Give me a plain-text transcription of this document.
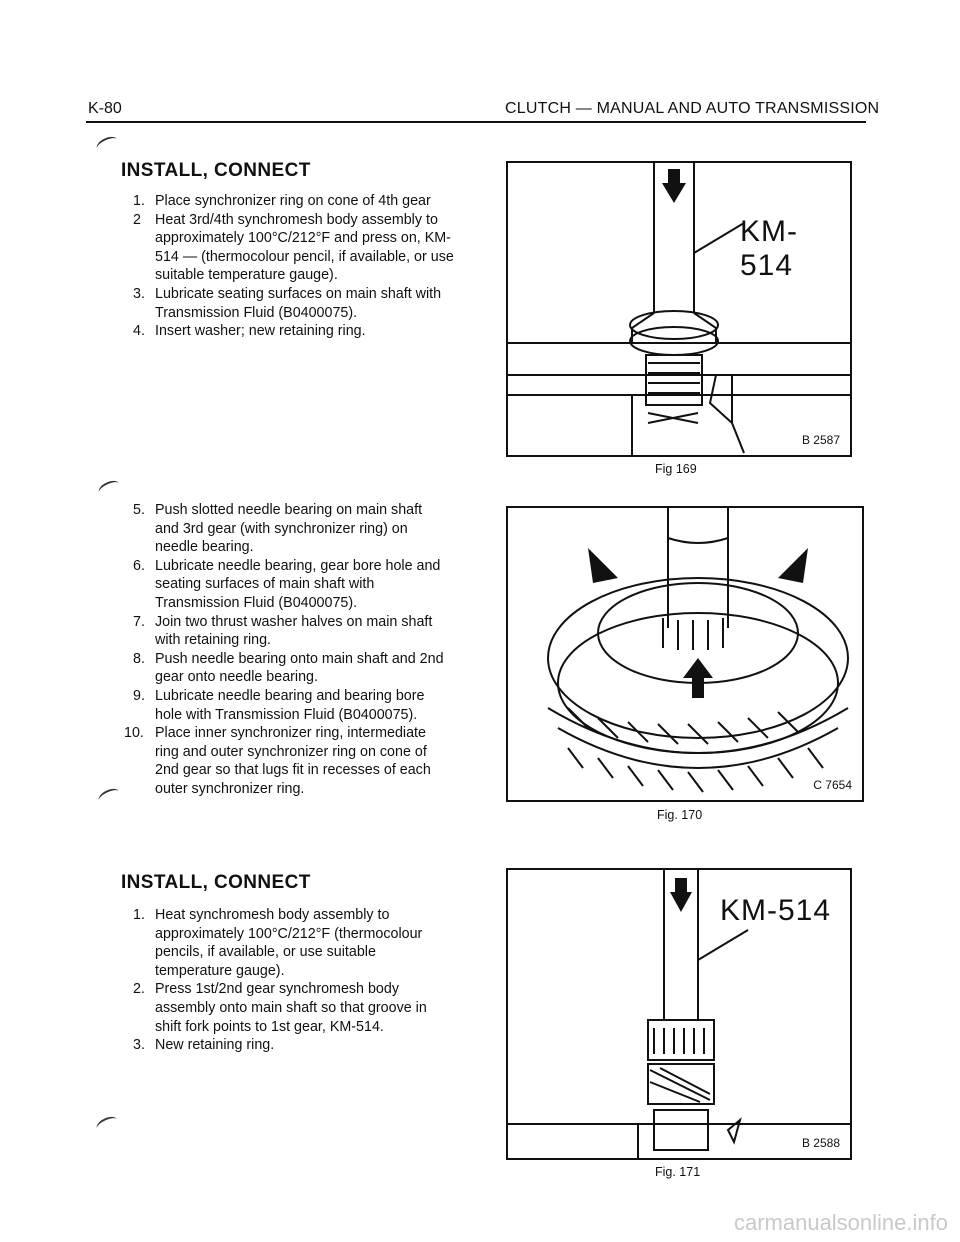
K-80	CLUTCH — MANUAL AND AUTO TRANSMISSION
INSTALL, CONNECT
1. Place synchronizer ring on cone of 4th gear
2 Heat 3rd/4th synchromesh body assembly to approximately 100°C/212°F and press on, KM-514 — (thermocolour pencil, if available, or use suitable temperature gauge).
3. Lubricate seating surfaces on main shaft with Transmission Fluid (B0400075).
4. Insert washer; new retaining ring.
5. Push slotted needle bearing on main shaft and 3rd gear (with synchronizer ring) on needle bearing.
6. Lubricate needle bearing, gear bore hole and seating surfaces of main shaft with Transmission Fluid (B0400075).
7. Join two thrust washer halves on main shaft with retaining ring.
8. Push needle bearing onto main shaft and 2nd gear onto needle bearing.
9. Lubricate needle bearing and bearing bore hole with Transmission Fluid (B0400075).
10. Place inner synchronizer ring, intermediate ring and outer synchronizer ring on cone of 2nd gear so that lugs fit in recesses of each outer synchronizer ring.
INSTALL, CONNECT
1. Heat synchromesh body assembly to approximately 100°C/212°F (thermocolour pencils, if available, or use suitable temperature gauge).
2. Press 1st/2nd gear synchromesh body assembly onto main shaft so that groove in shift fork points to 1st gear, KM-514.
3. New retaining ring.
KM-514
B 2587
Fig 169
C 7654
Fig. 170
KM-514
B 2588
Fig. 171
carmanualsonline.info
